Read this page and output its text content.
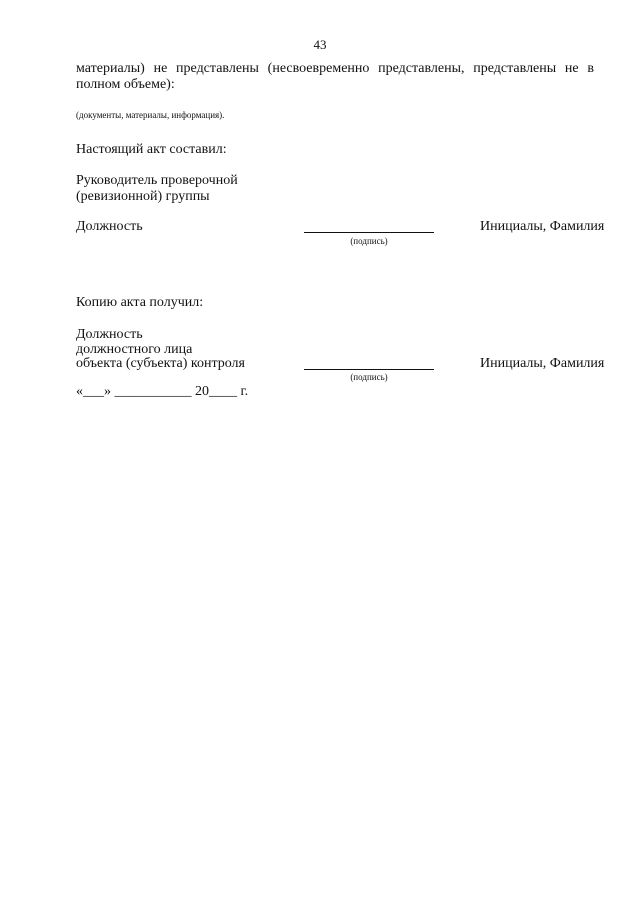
43
материалы) не представлены (несвоевременно представлены, представлены не в
полном объеме):
(документы, материалы, информация).
Настоящий акт составил:
Руководитель проверочной
(ревизионной) группы
Должность
(подпись)
Инициалы, Фамилия
Копию акта получил:
Должность
должностного лица
объекта (субъекта) контроля
(подпись)
Инициалы, Фамилия
«___» ___________ 20____ г.
